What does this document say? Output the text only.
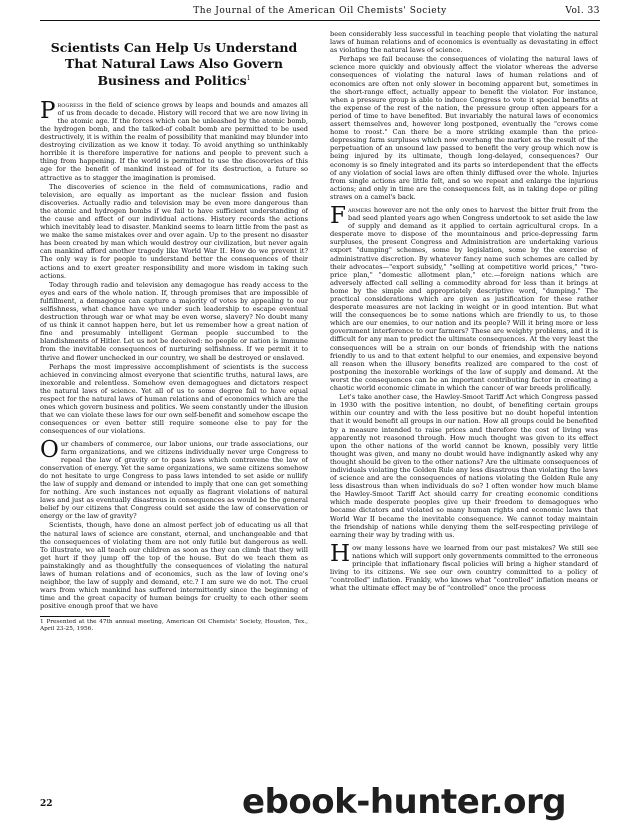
The Journal of the American Oil Chemists' Society	Vol. 33
Scientists Can Help Us Understand That Natural Laws Also Govern Business and Politics$^1$

Progress in the field of science grows by leaps and bounds and amazes all of us from decade to decade. History will record that we are now living in the atomic age. If the forces which can be unleashed by the atomic bomb, the hydrogen bomb, and the talked-of cobalt bomb are permitted to be used destructively, it is within the realm of possibility that mankind may blunder into destroying civilization as we know it today. To avoid anything so unthinkably horrible it is therefore imperative for nations and people to prevent such a thing from happening. If the world is permitted to use the discoveries of this age for the benefit of mankind instead of for its destruction, a future so attractive as to stagger the imagination is promised.

The discoveries of science in the field of communications, radio and television, are equally as important as the nuclear fission and fusion discoveries. Actually radio and television may be even more dangerous than the atomic and hydrogen bombs if we fail to have sufficient understanding of the cause and effect of our individual actions. History records the actions which inevitably lead to disaster. Mankind seems to learn little from the past as we make the same mistakes over and over again. Up to the present no disaster has been created by man which would destroy our civilization, but never again can mankind afford another tragedy like World War II. How do we prevent it? The only way is for people to understand better the consequences of their actions and to exert greater responsibility and more wisdom in taking such actions.

Today through radio and television any demagogue has ready access to the eyes and ears of the whole nation. If, through promises that are impossible of fulfillment, a demagogue can capture a majority of votes by appealing to our selfishness, what chance have we under such leadership to escape eventual destruction through war or what may be even worse, slavery? No doubt many of us think it cannot happen here, but let us remember how a great nation of fine and presumably intelligent German people succumbed to the blandishments of Hitler. Let us not be deceived: no people or nation is immune from the inevitable consequences of nurturing selfishness. If we permit it to thrive and flower unchecked in our country, we shall be destroyed or enslaved.

Perhaps the most impressive accomplishment of scientists is the success achieved in convincing almost everyone that scientific truths, natural laws, are inexorable and relentless. Somehow even demagogues and dictators respect the natural laws of science. Yet all of us to some degree fail to have equal respect for the natural laws of human relations and of economics which are the ones which govern business and politics. We seem constantly under the illusion that we can violate these laws for our own self-benefit and somehow escape the consequences or even better still require someone else to pay for the consequences of our violations.

Our chambers of commerce, our labor unions, our trade associations, our farm organizations, and we citizens individually never urge Congress to repeal the law of gravity or to pass laws which contravene the law of conservation of energy. Yet the same organizations, we same citizens somehow do not hesitate to urge Congress to pass laws intended to set aside or nullify the law of supply and demand or intended to imply that one can get something for nothing. Are such instances not equally as flagrant violations of natural laws and just as eventually disastrous in consequences as would be the general belief by our citizens that Congress could set aside the law of conservation or energy or the law of gravity?

Scientists, though, have done an almost perfect job of educating us all that the natural laws of science are constant, eternal, and unchangeable and that the consequences of violating them are not only futile but dangerous as well. To illustrate, we all teach our children as soon as they can climb that they will get hurt if they jump off the top of the house. But do we teach them as painstakingly and as thoughtfully the consequences of violating the natural laws of human relations and of economics, such as the law of loving one's neighbor, the law of supply and demand, etc.? I am sure we do not. The cruel wars from which mankind has suffered intermittently since the beginning of time and the great capacity of human beings for cruelty to each other seem positive enough proof that we have

1 Presented at the 47th annual meeting, American Oil Chemists' Society, Houston, Tex., April 23-25, 1956.

been considerably less successful in teaching people that violating the natural laws of human relations and of economics is eventually as devastating in effect as violating the natural laws of science.

Perhaps we fail because the consequences of violating the natural laws of science more quickly and obviously affect the violator whereas the adverse consequences of violating the natural laws of human relations and of economics are often not only slower in becoming apparent but, sometimes in the short-range effect, actually appear to benefit the violator. For instance, when a pressure group is able to induce Congress to vote it special benefits at the expense of the rest of the nation, the pressure group often appears for a period of time to have benefited. But invariably the natural laws of economics assert themselves and, however long postponed, eventually the "crows come home to roost." Can there be a more striking example than the price-depressing farm surpluses which now overhang the market as the result of the perpetuation of an unsound law passed to benefit the very group which now is being injured by its ultimate, though long-delayed, consequences? Our economy is so finely integrated and its parts so interdependent that the effects of any violation of social laws are often thinly diffused over the whole. Injuries from single actions are little felt, and so we repeat and enlarge the injurious actions; and only in time are the consequences felt, as in taking dope or piling straws on a camel's back.

Farmers however are not the only ones to harvest the bitter fruit from the bad seed planted years ago when Congress undertook to set aside the law of supply and demand as it applied to certain agricultural crops. In a desperate move to dispose of the mountainous and price-depressing farm surpluses, the present Congress and Administration are undertaking various export "dumping" schemes, some by legislation, some by the exercise of administrative discretion. By whatever fancy name such schemes are called by their advocates—"export subsidy," "selling at competitive world prices," "two-price plan," "domestic allotment plan," etc.—foreign nations which are adversely affected call selling a commodity abroad for less than it brings at home by the simple and appropriately descriptive word, "dumping." The practical considerations which are given as justification for these rather desperate measures are not lacking in weight or in good intention. But what will the consequences be to some nations which are friendly to us, to those which are our enemies, to our nation and its people? Will it bring more or less government interference to our farmers? These are weighty problems, and it is difficult for any man to predict the ultimate consequences. At the very least the consequences will be a strain on our bonds of friendship with the nations friendly to us and to that extent helpful to our enemies, and expensive beyond all reason when the illusory benefits realized are compared to the cost of postponing the inexorable workings of the law of supply and demand. At the worst the consequences can be an important contributing factor in creating a chaotic world economic climate in which the cancer of war breeds prolifically.

Let's take another case, the Hawley-Smoot Tariff Act which Congress passed in 1930 with the positive intention, no doubt, of benefiting certain groups within our country and with the less positive but no doubt hopeful intention that it would benefit all groups in our nation. How all groups could be benefited by a measure intended to raise prices and therefore the cost of living was apparently not reasoned through. How much thought was given to its effect upon the other nations of the world cannot be known, possibly very little thought was given, and many no doubt would have indignantly asked why any thought should be given to the other nations? Are the ultimate consequences of individuals violating the Golden Rule any less disastrous than violating the laws of science and are the consequences of nations violating the Golden Rule any less disastrous than when individuals do so? I often wonder how much blame the Hawley-Smoot Tariff Act should carry for creating economic conditions which made desperate peoples give up their freedom to demagogues who became dictators and violated so many human rights and economic laws that World War II became the inevitable consequence. We cannot today maintain the friendship of nations while denying them the self-respecting privilege of earning their way by trading with us.

How many lessons have we learned from our past mistakes? We still see nations which will support only governments committed to the erroneous principle that inflationary fiscal policies will bring a higher standard of living to its citizens. We see our own country committed to a policy of "controlled" inflation. Frankly, who knows what "controlled" inflation means or what the ultimate effect may be of "controlled" once the process

22	ebook-hunter.org
